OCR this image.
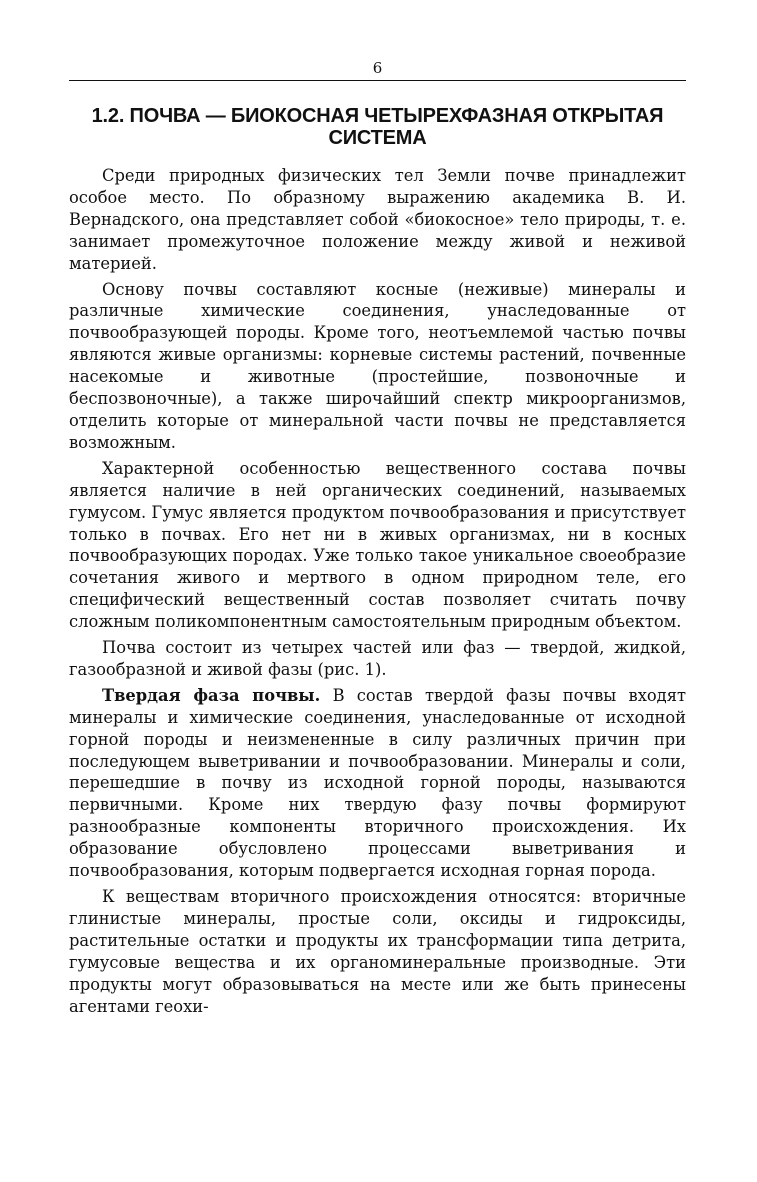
6
1.2. ПОЧВА — БИОКОСНАЯ ЧЕТЫРЕХФАЗНАЯ ОТКРЫТАЯ
СИСТЕМА

Среди природных физических тел Земли почве принадлежит особое место. По образному выражению академика В. И. Вернадского, она представляет собой «биокосное» тело природы, т. е. занимает промежуточное положение между живой и неживой материей.

Основу почвы составляют косные (неживые) минералы и различные химические соединения, унаследованные от почвообразующей породы. Кроме того, неотъемлемой частью почвы являются живые организмы: корневые системы растений, почвенные насекомые и животные (простейшие, позвоночные и беспозвоночные), а также широчайший спектр микроорганизмов, отделить которые от минеральной части почвы не представляется возможным.

Характерной особенностью вещественного состава почвы является наличие в ней органических соединений, называемых гумусом. Гумус является продуктом почвообразования и присутствует только в почвах. Его нет ни в живых организмах, ни в косных почвообразующих породах. Уже только такое уникальное своеобразие сочетания живого и мертвого в одном природном теле, его специфический вещественный состав позволяет считать почву сложным поликомпонентным самостоятельным природным объектом.

Почва состоит из четырех частей или фаз — твердой, жидкой, газообразной и живой фазы (рис. 1).

Твердая фаза почвы. В состав твердой фазы почвы входят минералы и химические соединения, унаследованные от исходной горной породы и неизмененные в силу различных причин при последующем выветривании и почвообразовании. Минералы и соли, перешедшие в почву из исходной горной породы, называются первичными. Кроме них твердую фазу почвы формируют разнообразные компоненты вторичного происхождения. Их образование обусловлено процессами выветривания и почвообразования, которым подвергается исходная горная порода.

К веществам вторичного происхождения относятся: вторичные глинистые минералы, простые соли, оксиды и гидроксиды, растительные остатки и продукты их трансформации типа детрита, гумусовые вещества и их органоминеральные производные. Эти продукты могут образовываться на месте или же быть принесены агентами геохи-
